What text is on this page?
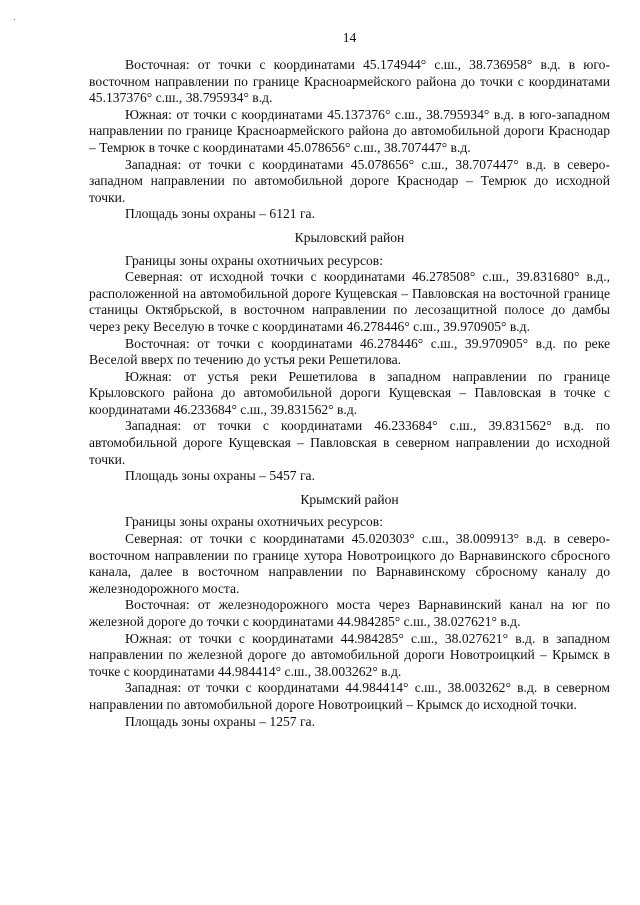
14

Восточная: от точки с координатами 45.174944° с.ш., 38.736958° в.д. в юго-восточном направлении по границе Красноармейского района до точки с координатами 45.137376° с.ш., 38.795934° в.д.

Южная: от точки с координатами 45.137376° с.ш., 38.795934° в.д. в юго-западном направлении по границе Красноармейского района до автомобильной дороги Краснодар – Темрюк в точке с координатами 45.078656° с.ш., 38.707447° в.д.

Западная: от точки с координатами 45.078656° с.ш., 38.707447° в.д. в северо-западном направлении по автомобильной дороге Краснодар – Темрюк до исходной точки.

Площадь зоны охраны – 6121 га.

Крыловский район

Границы зоны охраны охотничьих ресурсов:

Северная: от исходной точки с координатами 46.278508° с.ш., 39.831680° в.д., расположенной на автомобильной дороге Кущевская – Павловская на восточной границе станицы Октябрьской, в восточном направлении по лесозащитной полосе до дамбы через реку Веселую в точке с координатами 46.278446° с.ш., 39.970905° в.д.

Восточная: от точки с координатами 46.278446° с.ш., 39.970905° в.д. по реке Веселой вверх по течению до устья реки Решетилова.

Южная: от устья реки Решетилова в западном направлении по границе Крыловского района до автомобильной дороги Кущевская – Павловская в точке с координатами 46.233684° с.ш., 39.831562° в.д.

Западная: от точки с координатами 46.233684° с.ш., 39.831562° в.д. по автомобильной дороге Кущевская – Павловская в северном направлении до исходной точки.

Площадь зоны охраны – 5457 га.

Крымский район

Границы зоны охраны охотничьих ресурсов:

Северная: от точки с координатами 45.020303° с.ш., 38.009913° в.д. в северо-восточном направлении по границе хутора Новотроицкого до Варнавинского сбросного канала, далее в восточном направлении по Варнавинскому сбросному каналу до железнодорожного моста.

Восточная: от железнодорожного моста через Варнавинский канал на юг по железной дороге до точки с координатами 44.984285° с.ш., 38.027621° в.д.

Южная: от точки с координатами 44.984285° с.ш., 38.027621° в.д. в западном направлении по железной дороге до автомобильной дороги Новотроицкий – Крымск в точке с координатами 44.984414° с.ш., 38.003262° в.д.

Западная: от точки с координатами 44.984414° с.ш., 38.003262° в.д. в северном направлении по автомобильной дороге Новотроицкий – Крымск до исходной точки.

Площадь зоны охраны – 1257 га.
